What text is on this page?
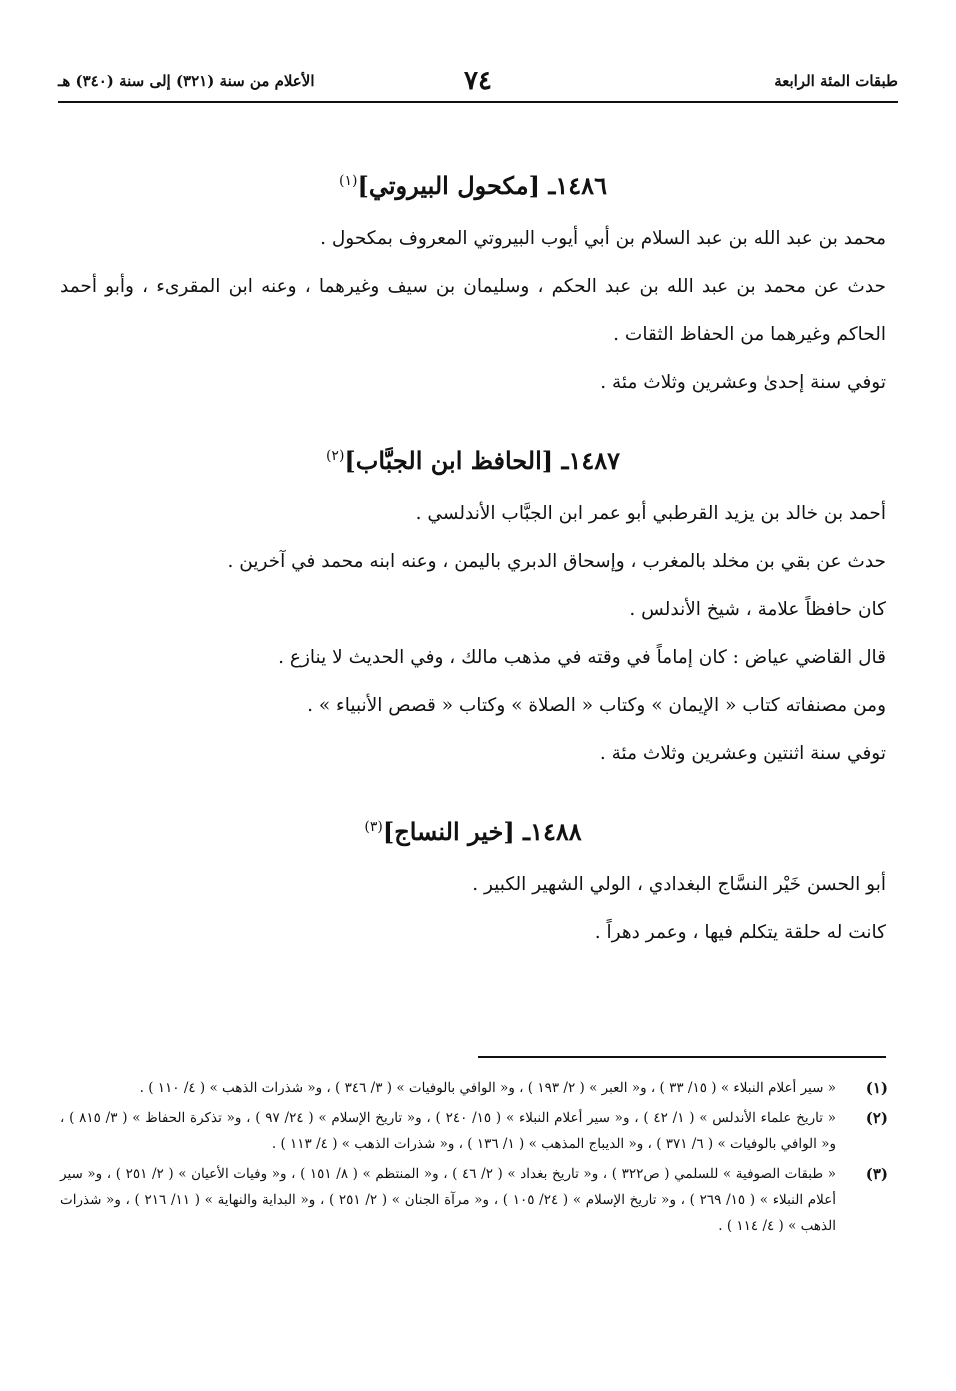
طبقات المئة الرابعة
٧٤
الأعلام من سنة (٣٢١) إلى سنة (٣٤٠) هـ
١٤٨٦ـ [مكحول البيروتي]$^{(١)}$

محمد بن عبد الله بن عبد السلام بن أبي أيوب البيروتي المعروف بمكحول .

حدث عن محمد بن عبد الله بن عبد الحكم ، وسليمان بن سيف وغيرهما ، وعنه ابن المقرىء ، وأبو أحمد الحاكم وغيرهما من الحفاظ الثقات .

توفي سنة إحدىٰ وعشرين وثلاث مئة .

١٤٨٧ـ [الحافظ ابن الجبَّاب]$^{(٢)}$

أحمد بن خالد بن يزيد القرطبي أبو عمر ابن الجبَّاب الأندلسي .

حدث عن بقي بن مخلد بالمغرب ، وإسحاق الدبري باليمن ، وعنه ابنه محمد في آخرين .

كان حافظاً علامة ، شيخ الأندلس .

قال القاضي عياض : كان إماماً في وقته في مذهب مالك ، وفي الحديث لا ينازع .

ومن مصنفاته كتاب « الإيمان » وكتاب « الصلاة » وكتاب « قصص الأنبياء » .

توفي سنة اثنتين وعشرين وثلاث مئة .

١٤٨٨ـ [خير النساج]$^{(٣)}$

أبو الحسن خَيْر النسَّاج البغدادي ، الولي الشهير الكبير .

كانت له حلقة يتكلم فيها ، وعمر دهراً .

(١)
« سير أعلام النبلاء » ( ١٥/ ٣٣ ) ، و« العبر » ( ٢/ ١٩٣ ) ، و« الوافي بالوفيات » ( ٣/ ٣٤٦ ) ، و« شذرات الذهب » ( ٤/ ١١٠ ) .
(٢)
« تاريخ علماء الأندلس » ( ١/ ٤٢ ) ، و« سير أعلام النبلاء » ( ١٥/ ٢٤٠ ) ، و« تاريخ الإسلام » ( ٢٤/ ٩٧ ) ، و« تذكرة الحفاظ » ( ٣/ ٨١٥ ) ، و« الوافي بالوفيات » ( ٦/ ٣٧١ ) ، و« الديباج المذهب » ( ١/ ١٣٦ ) ، و« شذرات الذهب » ( ٤/ ١١٣ ) .
(٣)
« طبقات الصوفية » للسلمي ( ص٣٢٢ ) ، و« تاريخ بغداد » ( ٢/ ٤٦ ) ، و« المنتظم » ( ٨/ ١٥١ ) ، و« وفيات الأعيان » ( ٢/ ٢٥١ ) ، و« سير أعلام النبلاء » ( ١٥/ ٢٦٩ ) ، و« تاريخ الإسلام » ( ٢٤/ ١٠٥ ) ، و« مرآة الجنان » ( ٢/ ٢٥١ ) ، و« البداية والنهاية » ( ١١/ ٢١٦ ) ، و« شذرات الذهب » ( ٤/ ١١٤ ) .
